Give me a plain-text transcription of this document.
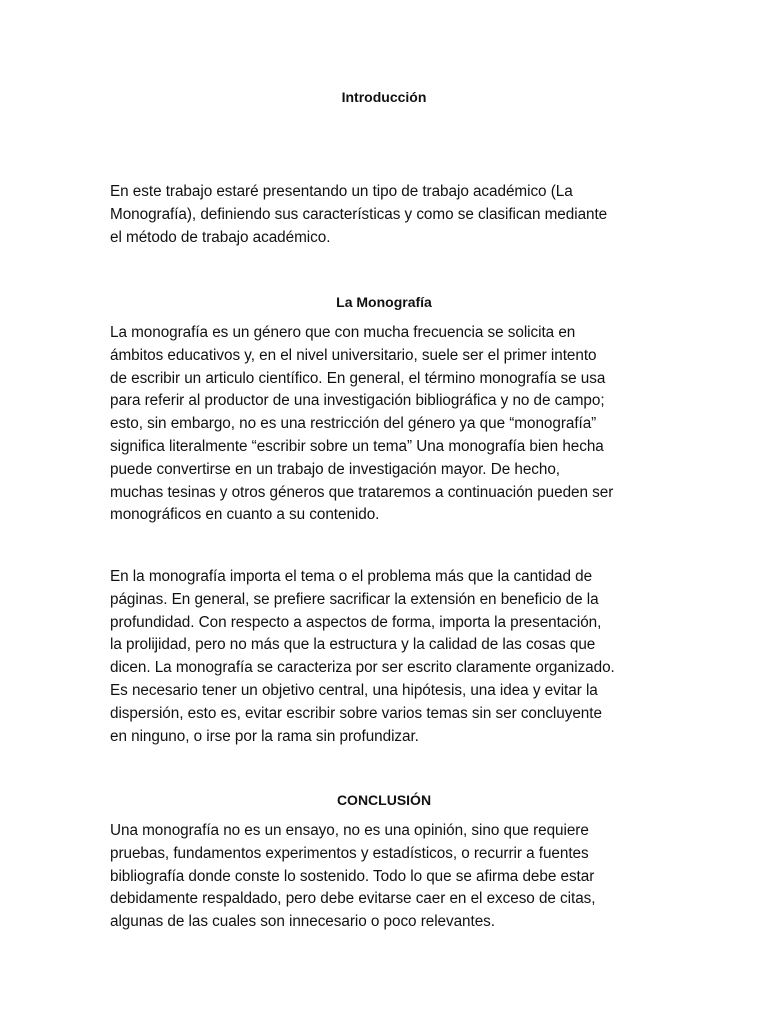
Introducción
En este trabajo estaré presentando un tipo de trabajo académico (La
Monografía), definiendo sus características y como se clasifican mediante
el método de trabajo académico.
La Monografía
La monografía es un género que con mucha frecuencia se solicita en
ámbitos educativos y, en el nivel universitario, suele ser el primer intento
de escribir un articulo científico. En general, el término monografía se usa
para referir al productor de una investigación bibliográfica y no de campo;
esto, sin embargo, no es una restricción del género ya que “monografía”
significa literalmente “escribir sobre un tema” Una monografía bien hecha
puede convertirse en un trabajo de investigación mayor. De hecho,
muchas tesinas y otros géneros que trataremos a continuación pueden ser
monográficos en cuanto a su contenido.
En la monografía importa el tema o el problema más que la cantidad de
páginas. En general, se prefiere sacrificar la extensión en beneficio de la
profundidad. Con respecto a aspectos de forma, importa la presentación,
la prolijidad, pero no más que la estructura y la calidad de las cosas que
dicen. La monografía se caracteriza por ser escrito claramente organizado.
Es necesario tener un objetivo central, una hipótesis, una idea y evitar la
dispersión, esto es, evitar escribir sobre varios temas sin ser concluyente
en ninguno, o irse por la rama sin profundizar.
CONCLUSIÓN
Una monografía no es un ensayo, no es una opinión, sino que requiere
pruebas, fundamentos experimentos y estadísticos, o recurrir a fuentes
bibliografía donde conste lo sostenido. Todo lo que se afirma debe estar
debidamente respaldado, pero debe evitarse caer en el exceso de citas,
algunas de las cuales son innecesario o poco relevantes.
